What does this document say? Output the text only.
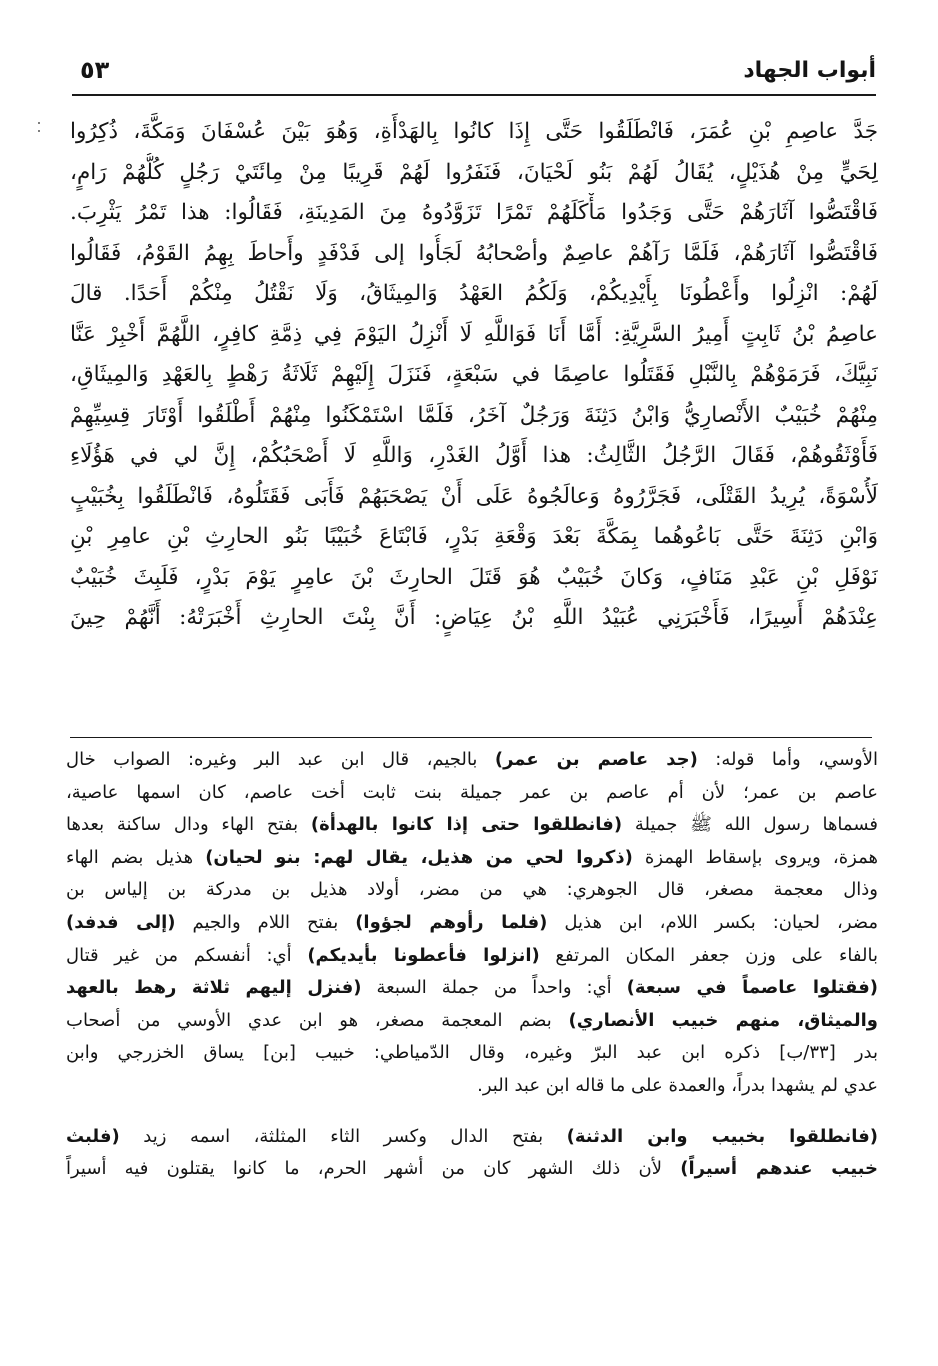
أبواب الجهاد
٥٣
جَدَّ عاصِمِ بْنِ عُمَرَ، فَانْطَلَقُوا حَتَّى إِذَا كانُوا بِالهَدْأَةِ، وَهُوَ بَيْنَ عُسْفَانَ وَمَكَّةَ، ذُكِرُوا
لِحَيٍّ مِنْ هُذَيْلٍ، يُقَالُ لَهُمْ بَنُو لَحْيَانَ، فَنَفَرُوا لَهُمْ قَرِيبًا مِنْ مِائَتَيْ رَجُلٍ كُلُّهُمْ رَامٍ،
فَاقْتَصُّوا آثَارَهُمْ حَتَّى وَجَدُوا مَأْكَلَهُمْ تَمْرًا تَزَوَّدُوهُ مِنَ المَدِينَةِ، فَقَالُوا: هذا تَمْرُ يَثْرِبَ.
فَاقْتَصُّوا آثَارَهُمْ، فَلَمَّا رَآهُمْ عاصِمٌ وأصْحابُهُ لَجَأُوا إلى فَدْفَدٍ وأَحاطَ بِهِمُ القَوْمُ، فَقَالُوا
لَهُمْ: انْزِلُوا وأَعْطُونَا بِأَيْدِيكُمْ، وَلَكُمُ العَهْدُ وَالمِيثَاقُ، وَلَا نَقْتُلُ مِنْكُمْ أَحَدًا. قالَ
عاصِمُ بْنُ ثَابِتٍ أَمِيرُ السَّرِيَّةِ: أَمَّا أَنَا فَوَاللَّهِ لَا أَنْزِلُ اليَوْمَ فِي ذِمَّةِ كافِرٍ، اللَّهُمَّ أَخْبِرْ عَنَّا
نَبِيَّكَ، فَرَمَوْهُمْ بِالنَّبْلِ فَقَتَلُوا عاصِمًا في سَبْعَةٍ، فَنَزَلَ إِلَيْهِمْ ثَلَاثَةُ رَهْطٍ بِالعَهْدِ وَالمِيثَاقِ،
مِنْهُمْ خُبَيْبٌ الأَنْصارِيُّ وَابْنُ دَثِنَةَ وَرَجُلٌ آخَرُ، فَلَمَّا اسْتَمْكَنُوا مِنْهُمْ أَطْلَقُوا أَوْتَارَ قِسِيِّهِمْ
فَأَوْثَقُوهُمْ، فَقَالَ الرَّجُلُ الثَّالِثُ: هذا أَوَّلُ الغَدْرِ، وَاللَّهِ لَا أَصْحَبُكُمْ، إِنَّ لي في هَؤُلَاءِ
لَأُسْوَةً، يُرِيدُ القَتْلَى، فَجَرَّرُوهُ وَعالَجُوهُ عَلَى أَنْ يَصْحَبَهُمْ فَأَبَى فَقَتَلُوهُ، فَانْطَلَقُوا بِخُبَيْبٍ
وَابْنِ دَثِنَةَ حَتَّى بَاعُوهُما بِمَكَّةَ بَعْدَ وَقْعَةِ بَدْرٍ، فَابْتَاعَ خُبَيْبًا بَنُو الحارِثِ بْنِ عامِرِ بْنِ
نَوْفَلِ بْنِ عَبْدِ مَنَافٍ، وَكانَ خُبَيْبٌ هُوَ قَتَلَ الحارِثَ بْنَ عامِرٍ يَوْمَ بَدْرٍ، فَلَبِثَ خُبَيْبٌ
عِنْدَهُمْ أَسِيرًا، فَأَخْبَرَنِي عُبَيْدُ اللَّهِ بْنُ عِيَاضٍ: أَنَّ بِنْتَ الحارِثِ أَخْبَرَتْهُ: أَنَّهُمْ حِينَ
الأوسي، وأما قوله: (جد عاصم بن عمر) بالجيم، قال ابن عبد البر وغيره: الصواب خال
عاصم بن عمر؛ لأن أم عاصم بن عمر جميلة بنت ثابت أخت عاصم، كان اسمها عاصية،
فسماها رسول الله ﷺ جميلة (فانطلقوا حتى إذا كانوا بالهدأة) بفتح الهاء ودال ساكنة بعدها
همزة، ويروى بإسقاط الهمزة (ذكروا لحي من هذيل، يقال لهم: بنو لحيان) هذيل بضم الهاء
وذال معجمة مصغر، قال الجوهري: هي من مضر، أولاد هذيل بن مدركة بن إلياس بن
مضر، لحيان: بكسر اللام، ابن هذيل (فلما رأوهم لجؤوا) بفتح اللام والجيم (إلى فدفد)
بالفاء على وزن جعفر المكان المرتفع (انزلوا فأعطونا بأيديكم) أي: أنفسكم من غير قتال
(فقتلوا عاصماً في سبعة) أي: واحداً من جملة السبعة (فنزل إليهم ثلاثة رهط بالعهد
والميثاق، منهم خبيب الأنصاري) بضم المعجمة مصغر، هو ابن عدي الأوسي من أصحاب
بدر [٣٣/ب] ذكره ابن عبد البرّ وغيره، وقال الدّمياطي: خبيب [بن] يساق الخزرجي وابن
عدي لم يشهدا بدراً، والعمدة على ما قاله ابن عبد البر.
(فانطلقوا بخبيب وابن الدثنة) بفتح الدال وكسر الثاء المثلثة، اسمه زيد (فلبث
خبيب عندهم أسيراً) لأن ذلك الشهر كان من أشهر الحرم، ما كانوا يقتلون فيه أسيراً
